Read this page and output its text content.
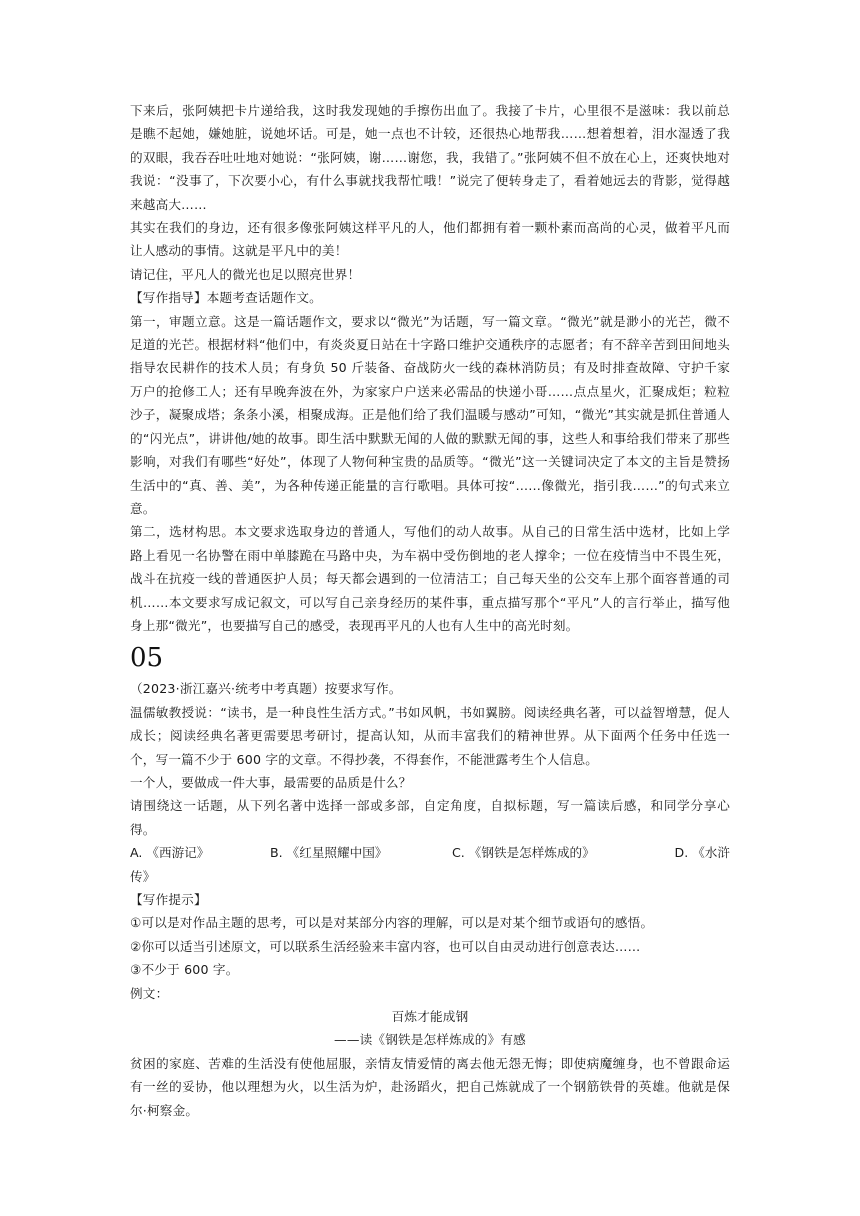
下来后，张阿姨把卡片递给我，这时我发现她的手擦伤出血了。我接了卡片，心里很不是滋味：我以前总是瞧不起她，嫌她脏，说她坏话。可是，她一点也不计较，还很热心地帮我……想着想着，泪水湿透了我的双眼，我吞吞吐吐地对她说：“张阿姨，谢……谢您，我，我错了。”张阿姨不但不放在心上，还爽快地对我说：“没事了，下次要小心，有什么事就找我帮忙哦！”说完了便转身走了，看着她远去的背影，觉得越来越高大……

其实在我们的身边，还有很多像张阿姨这样平凡的人，他们都拥有着一颗朴素而高尚的心灵，做着平凡而让人感动的事情。这就是平凡中的美！

请记住，平凡人的微光也足以照亮世界！

【写作指导】本题考查话题作文。

第一，审题立意。这是一篇话题作文，要求以“微光”为话题，写一篇文章。“微光”就是渺小的光芒，微不足道的光芒。根据材料“他们中，有炎炎夏日站在十字路口维护交通秩序的志愿者；有不辞辛苦到田间地头指导农民耕作的技术人员；有身负 50 斤装备、奋战防火一线的森林消防员；有及时排查故障、守护千家万户的抢修工人；还有早晚奔波在外，为家家户户送来必需品的快递小哥……点点星火，汇聚成炬；粒粒沙子，凝聚成塔；条条小溪，相聚成海。正是他们给了我们温暖与感动”可知，“微光”其实就是抓住普通人的“闪光点”，讲讲他/她的故事。即生活中默默无闻的人做的默默无闻的事，这些人和事给我们带来了那些影响，对我们有哪些“好处”，体现了人物何种宝贵的品质等。“微光”这一关键词决定了本文的主旨是赞扬生活中的“真、善、美”，为各种传递正能量的言行歌唱。具体可按“……像微光，指引我……”的句式来立意。

第二，选材构思。本文要求选取身边的普通人，写他们的动人故事。从自己的日常生活中选材，比如上学路上看见一名协警在雨中单膝跪在马路中央，为车祸中受伤倒地的老人撑伞；一位在疫情当中不畏生死，战斗在抗疫一线的普通医护人员；每天都会遇到的一位清洁工；自己每天坐的公交车上那个面容普通的司机……本文要求写成记叙文，可以写自己亲身经历的某件事，重点描写那个“平凡”人的言行举止，描写他身上那“微光”，也要描写自己的感受，表现再平凡的人也有人生中的高光时刻。

05

（2023·浙江嘉兴·统考中考真题）按要求写作。

温儒敏教授说：“读书，是一种良性生活方式。”书如风帆，书如翼膀。阅读经典名著，可以益智增慧，促人成长；阅读经典名著更需要思考研讨，提高认知，从而丰富我们的精神世界。从下面两个任务中任选一个，写一篇不少于 600 字的文章。不得抄袭，不得套作，不能泄露考生个人信息。

一个人，要做成一件大事，最需要的品质是什么？

请围绕这一话题，从下列名著中选择一部或多部，自定角度，自拟标题，写一篇读后感，和同学分享心得。

A. 《西游记》	B. 《红星照耀中国》	C. 《钢铁是怎样炼成的》	D. 《水浒

传》

【写作提示】

①可以是对作品主题的思考，可以是对某部分内容的理解，可以是对某个细节或语句的感悟。

②你可以适当引述原文，可以联系生活经验来丰富内容，也可以自由灵动进行创意表达……

③不少于 600 字。

例文：

百炼才能成钢

——读《钢铁是怎样炼成的》有感

贫困的家庭、苦难的生活没有使他屈服，亲情友情爱情的离去他无怨无悔；即使病魔缠身，也不曾跟命运有一丝的妥协，他以理想为火，以生活为炉，赴汤蹈火，把自己炼就成了一个钢筋铁骨的英雄。他就是保尔·柯察金。
